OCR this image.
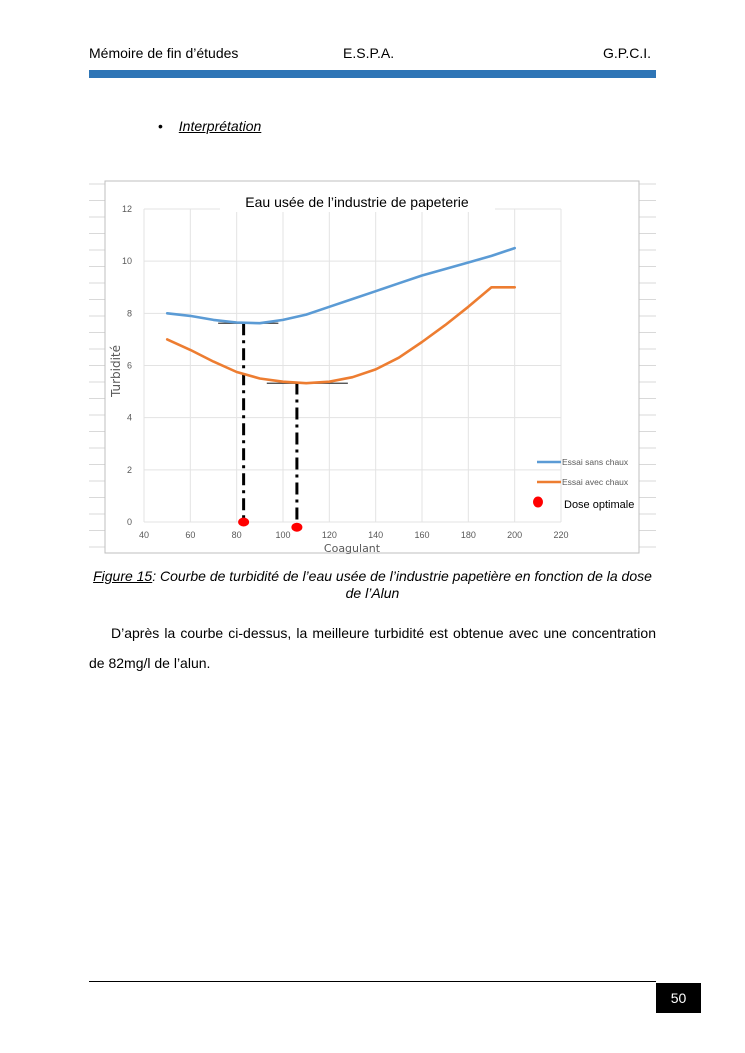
Mémoire de fin d’études	E.S.P.A.	G.P.C.I.
• Interprétation
40	60	80	100	120	140	160	180	200	220
0
2
4
6
8
10
12	Eau usée de l’industrie de papeterie
Turbidité
Coagulant
Essai sans chaux
Essai avec chaux
Dose optimale
Figure 15: Courbe de turbidité de l’eau usée de l’industrie papetière en fonction de la dose de l’Alun

D’après la courbe ci-dessus, la meilleure turbidité est obtenue avec une concentration de 82mg/l de l’alun.

50
